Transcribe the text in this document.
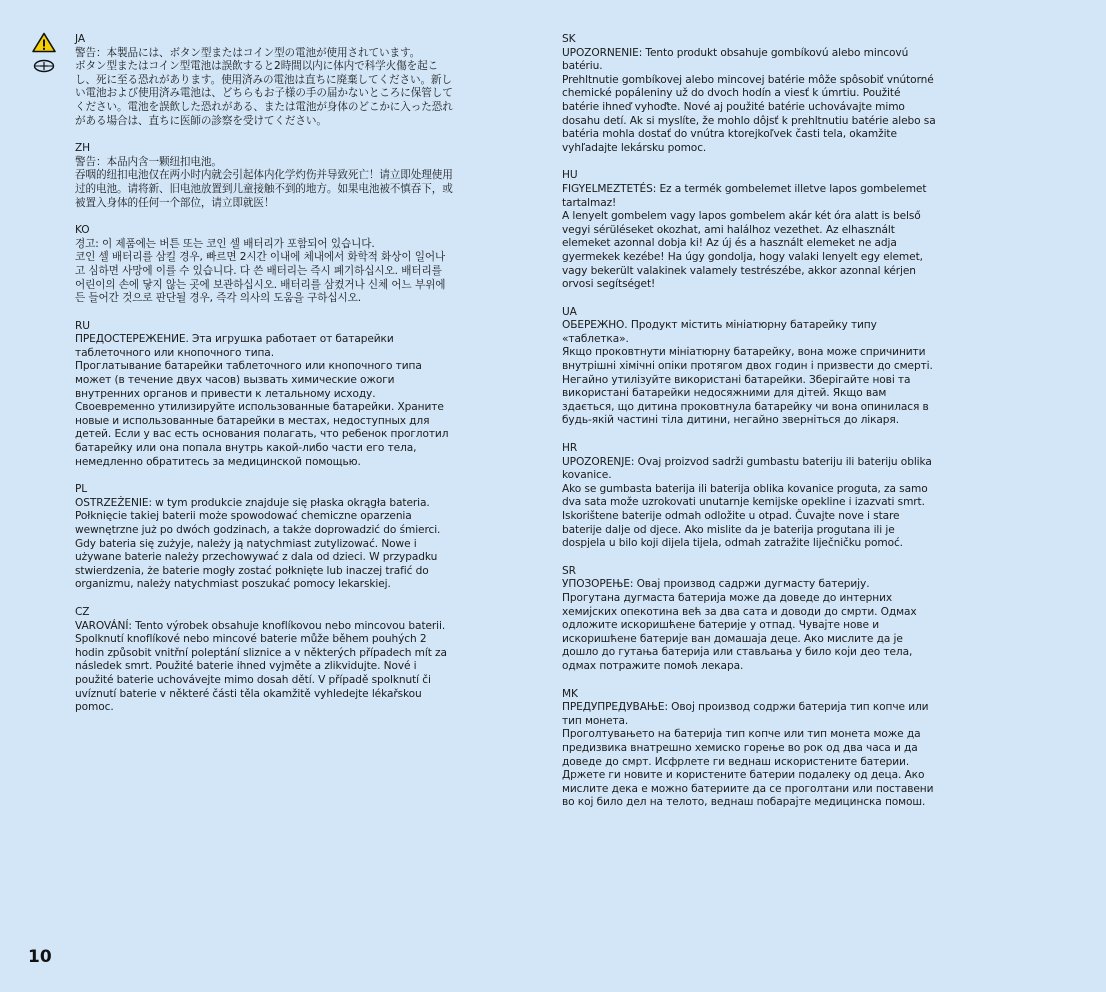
JA
警告：本製品には、ボタン型またはコイン型の電池が使用されています。
ボタン型またはコイン型電池は誤飲すると2時間以内に体内で科学火傷を起こし、死に至る恐れがあります。使用済みの電池は直ちに廃棄してください。新しい電池および使用済み電池は、どちらもお子様の手の届かないところに保管してください。電池を誤飲した恐れがある、または電池が身体のどこかに入った恐れがある場合は、直ちに医師の診察を受けてください。
ZH
警告：本品内含一颗纽扣电池。
吞咽的纽扣电池仅在两小时内就会引起体内化学灼伤并导致死亡！请立即处理使用过的电池。请将新、旧电池放置到儿童接触不到的地方。如果电池被不慎吞下，或被置入身体的任何一个部位，请立即就医！
KO
경고: 이 제품에는 버튼 또는 코인 셀 배터리가 포함되어 있습니다.
코인 셀 배터리를 삼킬 경우, 빠르면 2시간 이내에 체내에서 화학적 화상이 일어나고 심하면 사망에 이를 수 있습니다. 다 쓴 배터리는 즉시 폐기하십시오. 배터리를 어린이의 손에 닿지 않는 곳에 보관하십시오. 배터리를 삼켰거나 신체 어느 부위에든 들어간 것으로 판단될 경우, 즉각 의사의 도움을 구하십시오.
RU
ПРЕДОСТЕРЕЖЕНИЕ. Эта игрушка работает от батарейки таблеточного или кнопочного типа.
Проглатывание батарейки таблеточного или кнопочного типа может (в течение двух часов) вызвать химические ожоги внутренних органов и привести к летальному исходу. Своевременно утилизируйте использованные батарейки. Храните новые и использованные батарейки в местах, недоступных для детей. Если у вас есть основания полагать, что ребенок проглотил батарейку или она попала внутрь какой-либо части его тела, немедленно обратитесь за медицинской помощью.
PL
OSTRZEŻENIE: w tym produkcie znajduje się płaska okrągła bateria.
Połknięcie takiej baterii może spowodować chemiczne oparzenia wewnętrzne już po dwóch godzinach, a także doprowadzić do śmierci. Gdy bateria się zużyje, należy ją natychmiast zutylizować. Nowe i używane baterie należy przechowywać z dala od dzieci. W przypadku stwierdzenia, że baterie mogły zostać połknięte lub inaczej trafić do organizmu, należy natychmiast poszukać pomocy lekarskiej.
CZ
VAROVÁNÍ: Tento výrobek obsahuje knoflíkovou nebo mincovou baterii.
Spolknutí knoflíkové nebo mincové baterie může během pouhých 2 hodin způsobit vnitřní poleptání sliznice a v některých případech mít za následek smrt. Použité baterie ihned vyjměte a zlikvidujte. Nové i použité baterie uchovávejte mimo dosah dětí. V případě spolknutí či uvíznutí baterie v některé části těla okamžitě vyhledejte lékařskou pomoc.
SK
UPOZORNENIE: Tento produkt obsahuje gombíkovú alebo mincovú batériu.
Prehltnutie gombíkovej alebo mincovej batérie môže spôsobiť vnútorné chemické popáleniny už do dvoch hodín a viesť k úmrtiu. Použité batérie ihneď vyhoďte. Nové aj použité batérie uchovávajte mimo dosahu detí. Ak si myslíte, že mohlo dôjsť k prehltnutiu batérie alebo sa batéria mohla dostať do vnútra ktorejkoľvek časti tela, okamžite vyhľadajte lekársku pomoc.
HU
FIGYELMEZTETÉS: Ez a termék gombelemet illetve lapos gombelemet tartalmaz!
A lenyelt gombelem vagy lapos gombelem akár két óra alatt is belső vegyi sérüléseket okozhat, ami halálhoz vezethet. Az elhasznált elemeket azonnal dobja ki! Az új és a használt elemeket ne adja gyermekek kezébe! Ha úgy gondolja, hogy valaki lenyelt egy elemet, vagy bekerült valakinek valamely testrészébe, akkor azonnal kérjen orvosi segítséget!
UA
ОБЕРЕЖНО. Продукт містить мініатюрну батарейку типу «таблетка».
Якщо проковтнути мініатюрну батарейку, вона може спричинити внутрішні хімічні опіки протягом двох годин і призвести до смерті. Негайно утилізуйте використані батарейки. Зберігайте нові та використані батарейки недосяжними для дітей. Якщо вам здається, що дитина проковтнула батарейку чи вона опинилася в будь-якій частині тіла дитини, негайно зверніться до лікаря.
HR
UPOZORENJE: Ovaj proizvod sadrži gumbastu bateriju ili bateriju oblika kovanice.
Ako se gumbasta baterija ili baterija oblika kovanice proguta, za samo dva sata može uzrokovati unutarnje kemijske opekline i izazvati smrt. Iskorištene baterije odmah odložite u otpad. Čuvajte nove i stare baterije dalje od djece. Ako mislite da je baterija progutana ili je dospjela u bilo koji dijela tijela, odmah zatražite liječničku pomoć.
SR
УПОЗОРЕЊЕ: Овај производ садржи дугмасту батерију.
Прогутана дугмаста батерија може да доведе до интерних хемијских опекотина већ за два сата и доводи до смрти. Одмах одложите искоришћене батерије у отпад. Чувајте нове и искоришћене батерије ван домашаја деце. Ако мислите да је дошло до гутања батерија или стављања у било који део тела, одмах потражите помоћ лекара.
MK
ПРЕДУПРЕДУВАЊЕ: Овој производ содржи батерија тип копче или тип монета.
Проголтувањето на батерија тип копче или тип монета може да предизвика внатрешно хемиско горење во рок од два часа и да доведе до смрт. Исфрлете ги веднаш искористените батерии. Држете ги новите и користените батерии подалеку од деца. Ако мислите дека е можно батериите да се проголтани или поставени во кој било дел на телото, веднаш побарајте медицинска помош.
10
